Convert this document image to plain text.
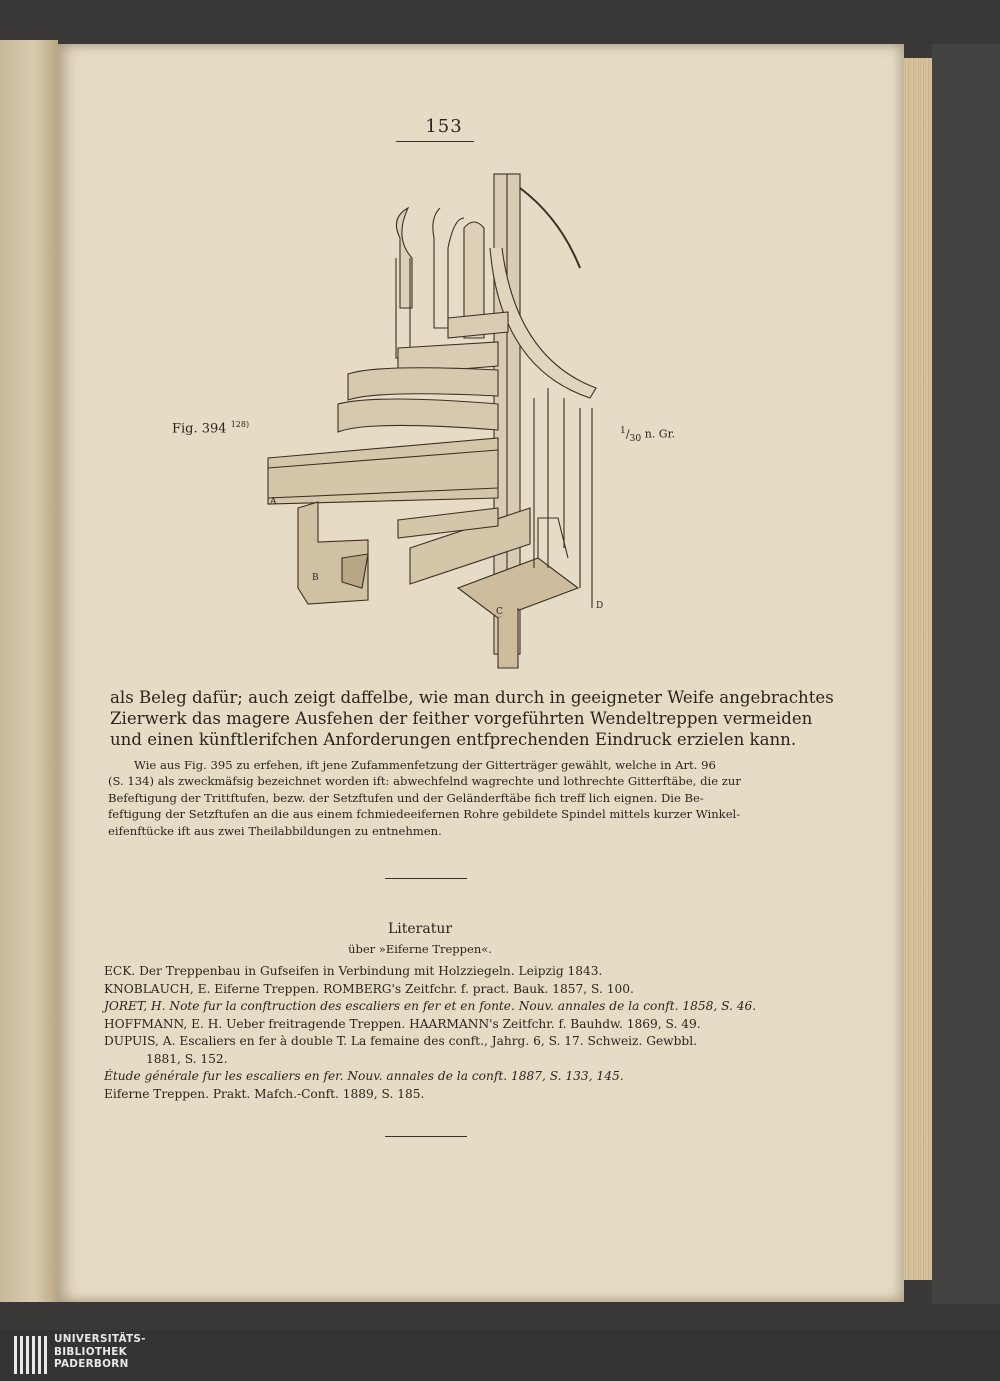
153
A
B
C
D
Fig. 394 $^{128)}$
$^1/_{30}$ n. Gr.
als Beleg dafür; auch zeigt daffelbe, wie man durch in geeigneter Weife angebrachtes
Zierwerk das magere Ausfehen der feither vorgeführten Wendeltreppen vermeiden
und einen künftlerifchen Anforderungen entfprechenden Eindruck erzielen kann.
Wie aus Fig. 395 zu erfehen, ift jene Zufammenfetzung der Gitterträger gewählt, welche in Art. 96
(S. 134) als zweckmäfsig bezeichnet worden ift: abwechfelnd wagrechte und lothrechte Gitterftäbe, die zur
Befeftigung der Trittftufen, bezw. der Setzftufen und der Geländerftäbe fich treff lich eignen. Die Be-
feftigung der Setzftufen an die aus einem fchmiedeeifernen Rohre gebildete Spindel mittels kurzer Winkel-
eifenftücke ift aus zwei Theilabbildungen zu entnehmen.
Literatur
über »Eiferne Treppen«.
ECK. Der Treppenbau in Gufseifen in Verbindung mit Holzziegeln. Leipzig 1843.
KNOBLAUCH, E. Eiferne Treppen. ROMBERG's Zeitfchr. f. pract. Bauk. 1857, S. 100.
JORET, H. Note fur la conftruction des escaliers en fer et en fonte. Nouv. annales de la conft. 1858, S. 46.
HOFFMANN, E. H. Ueber freitragende Treppen. HAARMANN's Zeitfchr. f. Bauhdw. 1869, S. 49.
DUPUIS, A. Escaliers en fer à double T. La femaine des conft., Jahrg. 6, S. 17. Schweiz. Gewbbl.
1881, S. 152.
Étude générale fur les escaliers en fer. Nouv. annales de la conft. 1887, S. 133, 145.
Eiferne Treppen. Prakt. Mafch.-Conft. 1889, S. 185.
UNIVERSITÄTS-
BIBLIOTHEK
PADERBORN
